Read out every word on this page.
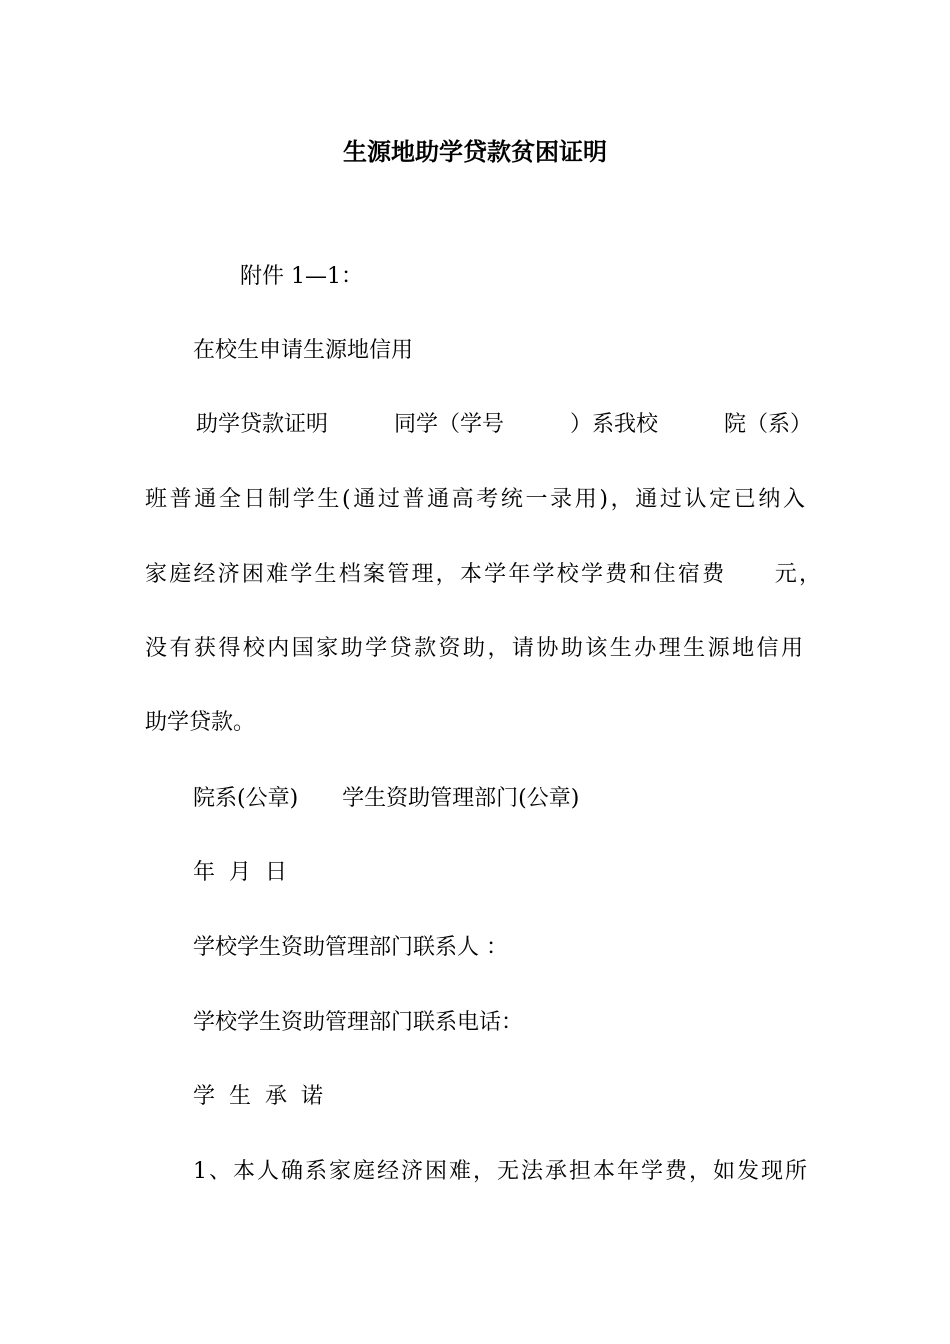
生源地助学贷款贫困证明

附件 1—1：

在校生申请生源地信用

助学贷款证明　　　同学（学号　　　）系我校　　　院（系）

班普通全日制学生(通过普通高考统一录用)，通过认定已纳入

家庭经济困难学生档案管理，本学年学校学费和住宿费　　元，

没有获得校内国家助学贷款资助，请协助该生办理生源地信用

助学贷款。

院系(公章)　　学生资助管理部门(公章)

年  月  日

学校学生资助管理部门联系人 ：

学校学生资助管理部门联系电话：

学  生  承  诺

1、本人确系家庭经济困难，无法承担本年学费，如发现所
